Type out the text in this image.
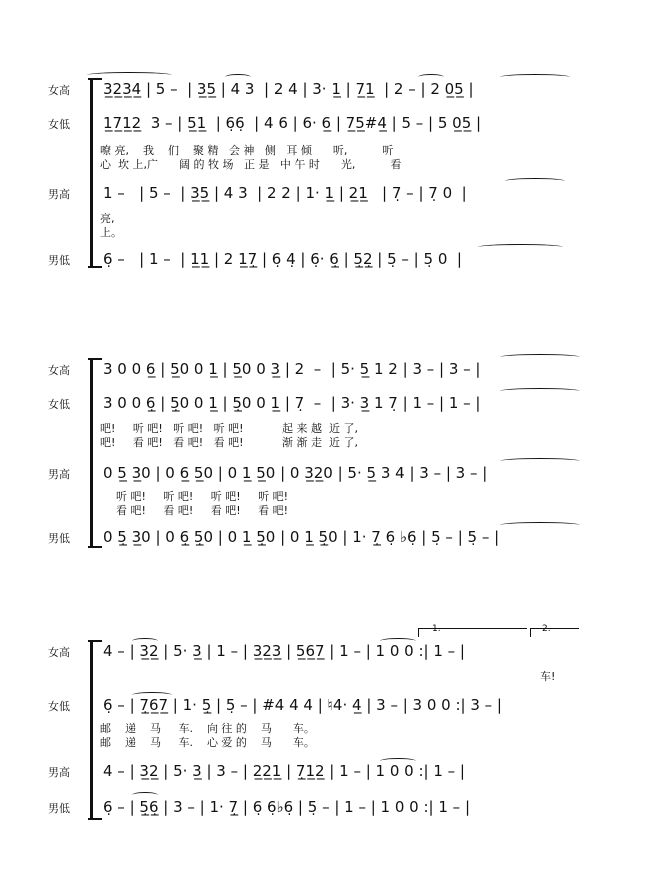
女高	3̲2̲3̲4̲ | 5 –  | 3̲5̲ | 4 3  | 2 4 | 3· 1̲ | 7̲1̲  | 2 – | 2 0̲5̲ |
女低	1̲7̲1̲2̲  3 – | 5̲1̲  | 6̣6̣  | 4 6 | 6· 6̲ | 7̲5̲#4̲ | 5 – | 5 0̲5̲ |
嘹 亮,    我    们    聚 精   会 神   侧   耳 倾      听,          听
心  坎 上,广      阔 的 牧 场   正 是   中 午 时      光,          看
男高	1 –   | 5 –  | 3̲5̲ | 4 3  | 2 2 | 1· 1̲ | 2̲1̲   | 7̣ – | 7̣ 0  |
亮,
上。
男低	6̣ –   | 1 –  | 1̲1̲ | 2 1̲7̣̲ | 6̣ 4̣ | 6̣· 6̣̲ | 5̣̲2̣̲ | 5̣ – | 5̣ 0  |
女高	3 0 0 6̲ | 5̲0 0 1̲ | 5̲0 0 3̲ | 2  –  | 5· 5̲ 1 2 | 3 – | 3 – |
女低	3 0 0 6̣̲ | 5̣̲0 0 1̲ | 5̣̲0 0 1̲ | 7̣  –  | 3· 3̲ 1 7̣ | 1 – | 1 – |
吧!     听 吧!   听 吧!   听 吧!           起 来 越  近 了,
吧!     看 吧!   看 吧!   看 吧!           渐 渐 走  近 了,
男高	0 5̲ 3̲0 | 0 6̲ 5̲0 | 0 1̲ 5̲0 | 0 3̲2̲0 | 5· 5̲ 3 4 | 3 – | 3 – |
听 吧!     听 吧!     听 吧!     听 吧!
看 吧!     看 吧!     看 吧!     看 吧!
男低	0 5̣̲ 3̲0 | 0 6̣̲ 5̣̲0 | 0 1̲ 5̣̲0 | 0 1̲ 5̣̲0 | 1· 7̣̲ 6̣ ♭6̣ | 5̣ – | 5̣ – |
女高	4 – | 3̲2̲ | 5· 3̲ | 1 – | 3̲2̲3̲ | 5̲6̲7̲ | 1 – | 1 0 0 :| 1 – |
车!
女低	6̣ – | 7̣̲6̲7̲ | 1· 5̣̲ | 5̣ – | #4 4 4 | ♮4· 4̲ | 3 – | 3 0 0 :| 3 – |
邮    递    马     车.    向 往 的    马      车。
邮    递    马     车.    心 爱 的    马      车。
男高	4 – | 3̲2̲ | 5· 3̲ | 3 – | 2̲2̲1̲ | 7̣̲1̲2̲ | 1 – | 1 0 0 :| 1 – |
男低	6̣ – | 5̣̲6̣̲ | 3 – | 1· 7̣̲ | 6̣ 6̣♭6̣ | 5̣ – | 1 – | 1 0 0 :| 1 – |
1.	2.
